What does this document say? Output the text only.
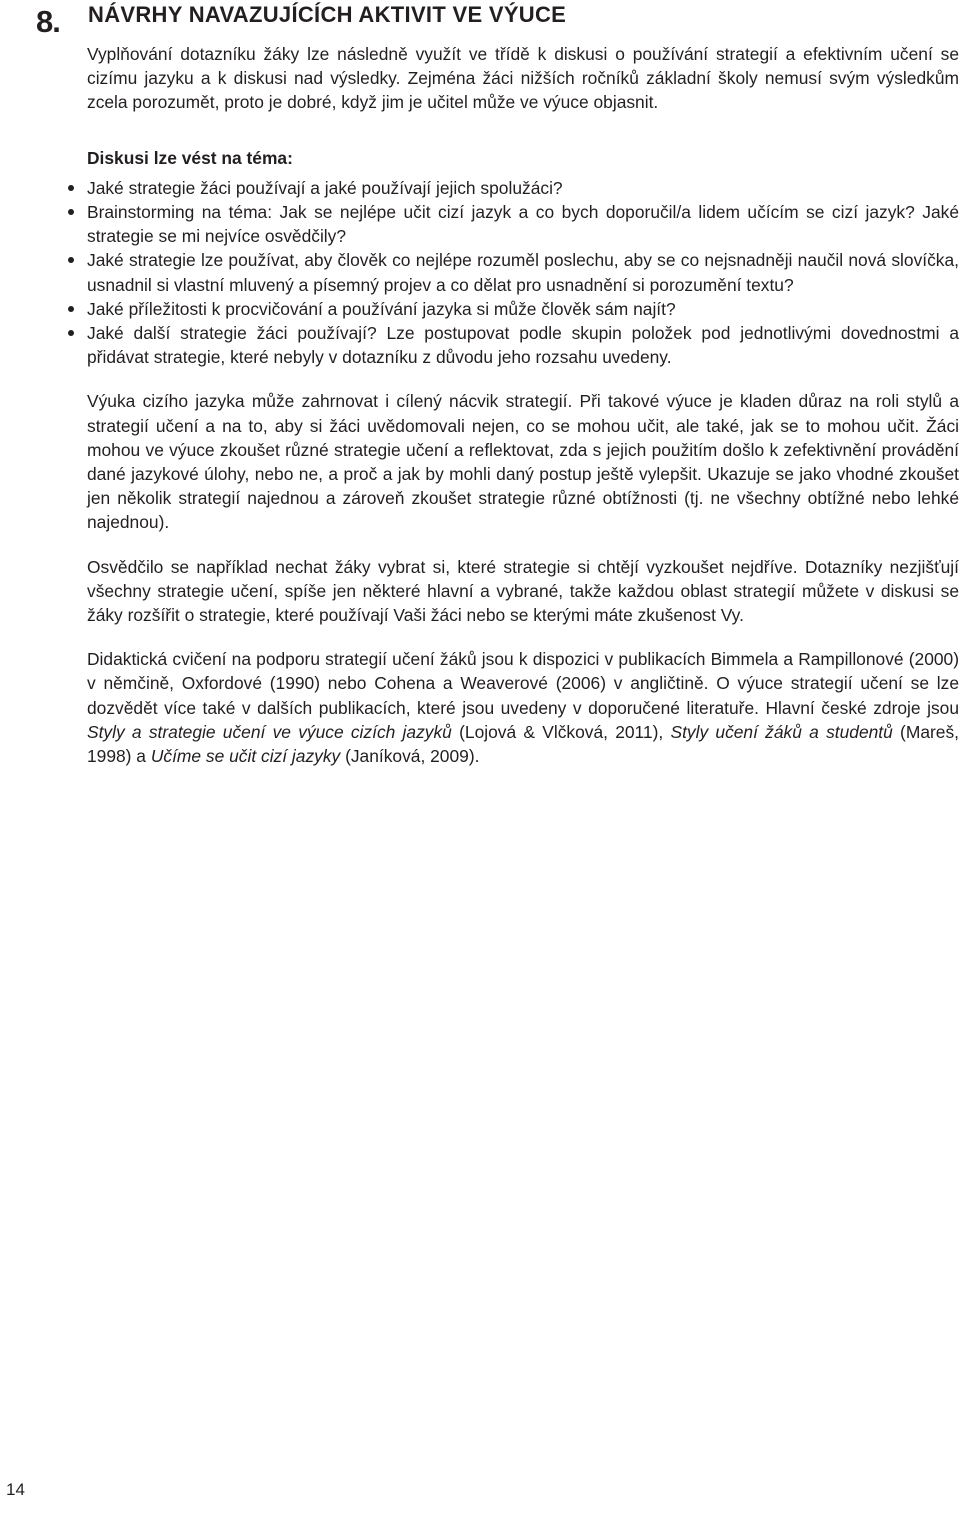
8. NÁVRHY NAVAZUJÍCÍCH AKTIVIT VE VÝUCE

Vyplňování dotazníku žáky lze následně využít ve třídě k diskusi o používání strategií a efektivním učení se cizímu jazyku a k diskusi nad výsledky. Zejména žáci nižších ročníků základní školy nemusí svým výsledkům zcela porozumět, proto je dobré, když jim je učitel může ve výuce objasnit.

Diskusi lze vést na téma:

Jaké strategie žáci používají a jaké používají jejich spolužáci?
Brainstorming na téma: Jak se nejlépe učit cizí jazyk a co bych doporučil/a lidem učícím se cizí jazyk? Jaké strategie se mi nejvíce osvědčily?
Jaké strategie lze používat, aby člověk co nejlépe rozuměl poslechu, aby se co nejsnadněji naučil nová slovíčka, usnadnil si vlastní mluvený a písemný projev a co dělat pro usnadnění si porozumění textu?
Jaké příležitosti k procvičování a používání jazyka si může člověk sám najít?
Jaké další strategie žáci používají? Lze postupovat podle skupin položek pod jednotlivými dovednostmi a přidávat strategie, které nebyly v dotazníku z důvodu jeho rozsahu uvedeny.

Výuka cizího jazyka může zahrnovat i cílený nácvik strategií. Při takové výuce je kladen důraz na roli stylů a strategií učení a na to, aby si žáci uvědomovali nejen, co se mohou učit, ale také, jak se to mohou učit. Žáci mohou ve výuce zkoušet různé strategie učení a reflektovat, zda s jejich použitím došlo k zefektivnění provádění dané jazykové úlohy, nebo ne, a proč a jak by mohli daný postup ještě vylepšit. Ukazuje se jako vhodné zkoušet jen několik strategií najednou a zároveň zkoušet strategie různé obtížnosti (tj. ne všechny obtížné nebo lehké najednou).

Osvědčilo se například nechat žáky vybrat si, které strategie si chtějí vyzkoušet nejdříve. Dotazníky nezjišťují všechny strategie učení, spíše jen některé hlavní a vybrané, takže každou oblast strategií můžete v diskusi se žáky rozšířit o strategie, které používají Vaši žáci nebo se kterými máte zkušenost Vy.

Didaktická cvičení na podporu strategií učení žáků jsou k dispozici v publikacích Bimmela a Rampillonové (2000) v němčině, Oxfordové (1990) nebo Cohena a Weaverové (2006) v angličtině. O výuce strategií učení se lze dozvědět více také v dalších publikacích, které jsou uvedeny v doporučené literatuře. Hlavní české zdroje jsou Styly a strategie učení ve výuce cizích jazyků (Lojová & Vlčková, 2011), Styly učení žáků a studentů (Mareš, 1998) a Učíme se učit cizí jazyky (Janíková, 2009).

14
